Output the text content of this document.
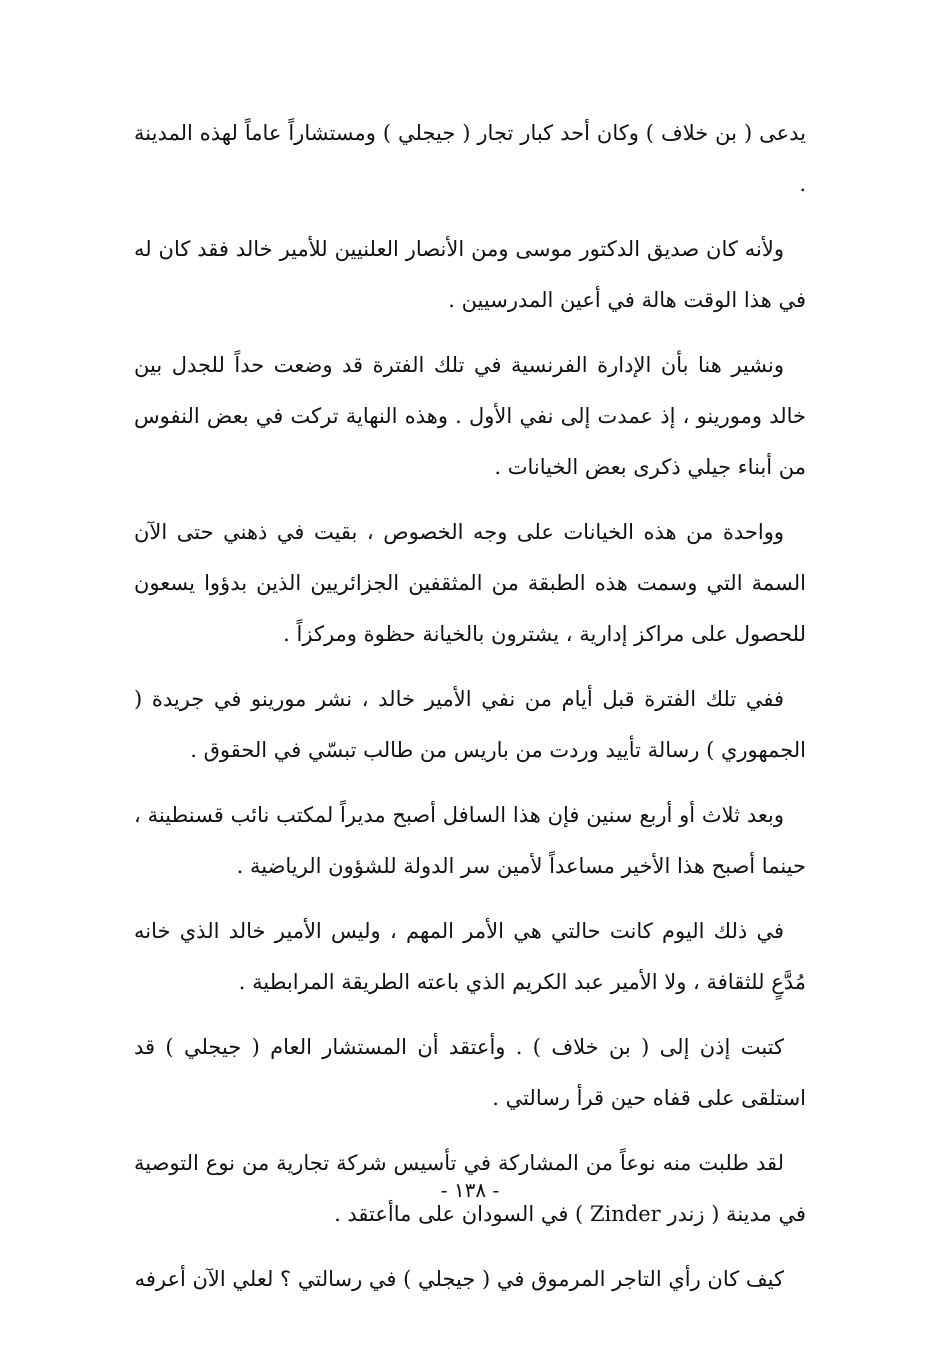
يدعى ( بن خلاف ) وكان أحد كبار تجار ( جيجلي ) ومستشاراً عاماً لهذه المدينة .

ولأنه كان صديق الدكتور موسى ومن الأنصار العلنيين للأمير خالد فقد كان له في هذا الوقت هالة في أعين المدرسيين .

ونشير هنا بأن الإدارة الفرنسية في تلك الفترة قد وضعت حداً للجدل بين خالد ومورينو ، إذ عمدت إلى نفي الأول . وهذه النهاية تركت في بعض النفوس من أبناء جيلي ذكرى بعض الخيانات .

وواحدة من هذه الخيانات على وجه الخصوص ، بقيت في ذهني حتى الآن السمة التي وسمت هذه الطبقة من المثقفين الجزائريين الذين بدؤوا يسعون للحصول على مراكز إدارية ، يشترون بالخيانة حظوة ومركزاً .

ففي تلك الفترة قبل أيام من نفي الأمير خالد ، نشر مورينو في جريدة ( الجمهوري ) رسالة تأييد وردت من باريس من طالب تبسّي في الحقوق .

وبعد ثلاث أو أربع سنين فإن هذا السافل أصبح مديراً لمكتب نائب قسنطينة ، حينما أصبح هذا الأخير مساعداً لأمين سر الدولة للشؤون الرياضية .

في ذلك اليوم كانت حالتي هي الأمر المهم ، وليس الأمير خالد الذي خانه مُدَّعٍ للثقافة ، ولا الأمير عبد الكريم الذي باعته الطريقة المرابطية .

كتبت إذن إلى ( بن خلاف ) . وأعتقد أن المستشار العام ( جيجلي ) قد استلقى على قفاه حين قرأ رسالتي .

لقد طلبت منه نوعاً من المشاركة في تأسيس شركة تجارية من نوع التوصية في مدينة ( زندر Zinder ) في السودان على ماأعتقد .

كيف كان رأي التاجر المرموق في ( جيجلي ) في رسالتي ؟ لعلي الآن أعرفه

- ١٣٨ -
